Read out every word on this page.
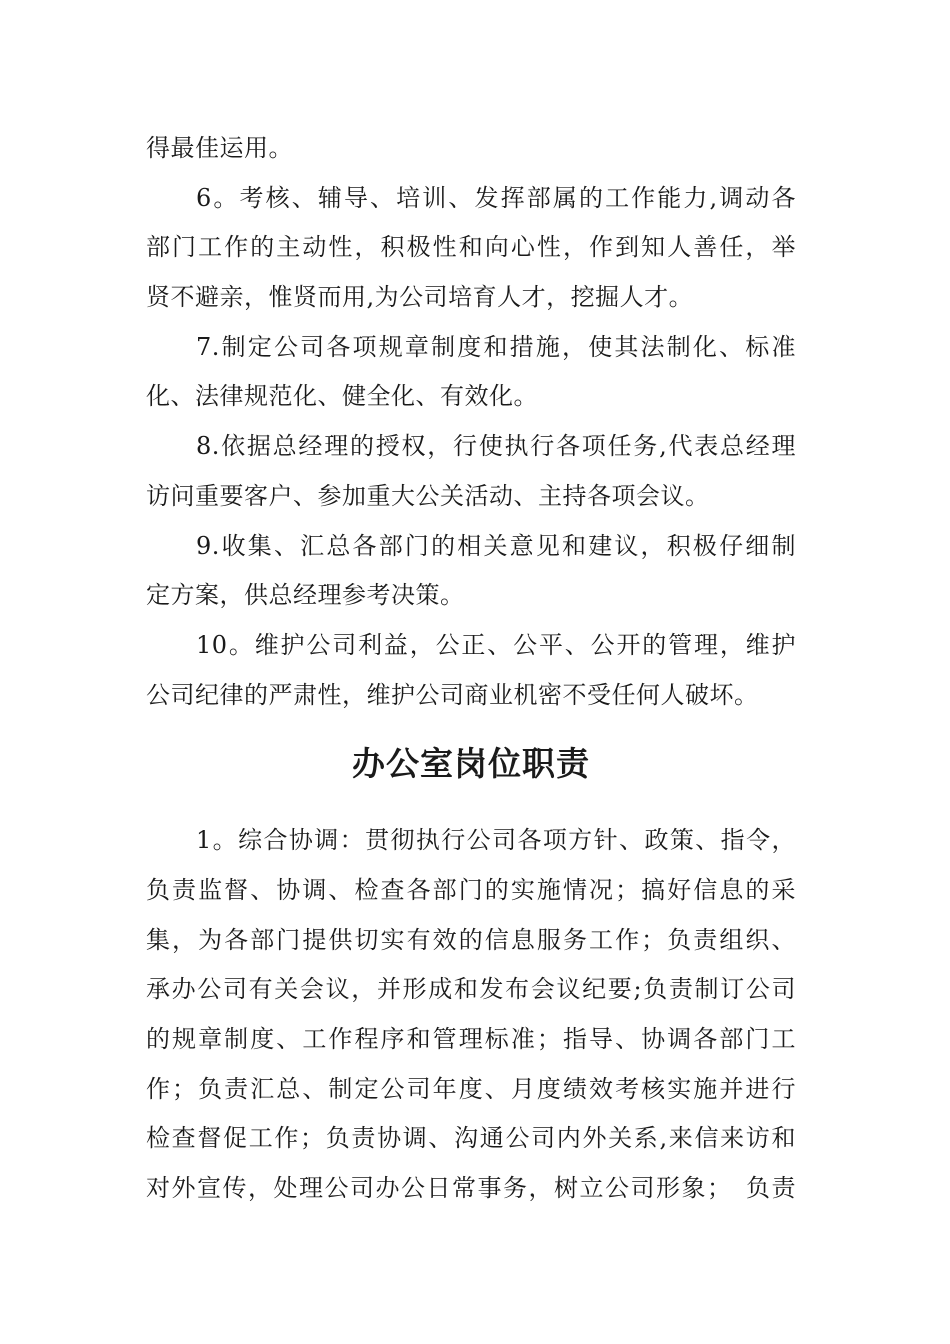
得最佳运用。
6。考核、辅导、培训、发挥部属的工作能力,调动各
部门工作的主动性，积极性和向心性，作到知人善任，举
贤不避亲，惟贤而用,为公司培育人才，挖掘人才。
7.制定公司各项规章制度和措施，使其法制化、标准
化、法律规范化、健全化、有效化。
8.依据总经理的授权，行使执行各项任务,代表总经理
访问重要客户、参加重大公关活动、主持各项会议。
9.收集、汇总各部门的相关意见和建议，积极仔细制
定方案，供总经理参考决策。
10。维护公司利益，公正、公平、公开的管理，维护
公司纪律的严肃性，维护公司商业机密不受任何人破坏。
办公室岗位职责
1。综合协调：贯彻执行公司各项方针、政策、指令，
负责监督、协调、检查各部门的实施情况；搞好信息的采
集，为各部门提供切实有效的信息服务工作；负责组织、
承办公司有关会议，并形成和发布会议纪要;负责制订公司
的规章制度、工作程序和管理标准；指导、协调各部门工
作；负责汇总、制定公司年度、月度绩效考核实施并进行
检查督促工作；负责协调、沟通公司内外关系,来信来访和
对外宣传，处理公司办公日常事务，树立公司形象；　负责
